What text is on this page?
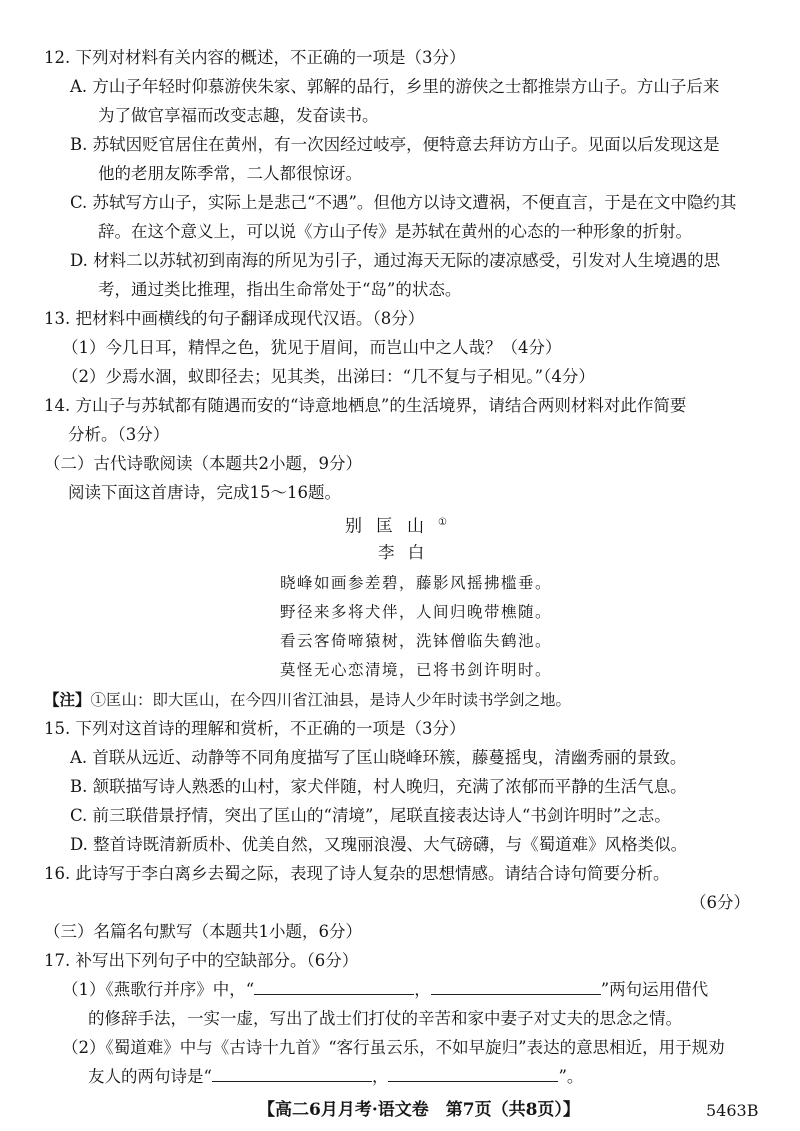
12. 下列对材料有关内容的概述，不正确的一项是（3分）
A. 方山子年轻时仰慕游侠朱家、郭解的品行，乡里的游侠之士都推崇方山子。方山子后来
为了做官享福而改变志趣，发奋读书。
B. 苏轼因贬官居住在黄州，有一次因经过岐亭，便特意去拜访方山子。见面以后发现这是
他的老朋友陈季常，二人都很惊讶。
C. 苏轼写方山子，实际上是悲己“不遇”。但他方以诗文遭祸，不便直言，于是在文中隐约其
辞。在这个意义上，可以说《方山子传》是苏轼在黄州的心态的一种形象的折射。
D. 材料二以苏轼初到南海的所见为引子，通过海天无际的凄凉感受，引发对人生境遇的思
考，通过类比推理，指出生命常处于“岛”的状态。
13. 把材料中画横线的句子翻译成现代汉语。（8分）
（1）今几日耳，精悍之色，犹见于眉间，而岂山中之人哉？（4分）
（2）少焉水涸，蚁即径去；见其类，出涕曰：“几不复与子相见。”（4分）
14. 方山子与苏轼都有随遇而安的“诗意地栖息”的生活境界，请结合两则材料对此作简要
分析。（3分）
（二）古代诗歌阅读（本题共2小题，9分）
阅读下面这首唐诗，完成15～16题。
别匡山①
李 白
晓峰如画参差碧，藤影风摇拂槛垂。
野径来多将犬伴，人间归晚带樵随。
看云客倚啼猿树，洗钵僧临失鹤池。
莫怪无心恋清境，已将书剑许明时。
【注】①匡山：即大匡山，在今四川省江油县，是诗人少年时读书学剑之地。
15. 下列对这首诗的理解和赏析，不正确的一项是（3分）
A. 首联从远近、动静等不同角度描写了匡山晓峰环簇，藤蔓摇曳，清幽秀丽的景致。
B. 颔联描写诗人熟悉的山村，家犬伴随，村人晚归，充满了浓郁而平静的生活气息。
C. 前三联借景抒情，突出了匡山的“清境”，尾联直接表达诗人“书剑许明时”之志。
D. 整首诗既清新质朴、优美自然，又瑰丽浪漫、大气磅礴，与《蜀道难》风格类似。
16. 此诗写于李白离乡去蜀之际，表现了诗人复杂的思想情感。请结合诗句简要分析。
（6分）
（三）名篇名句默写（本题共1小题，6分）
17. 补写出下列句子中的空缺部分。（6分）
（1）《燕歌行并序》中，“	，	”两句运用借代
的修辞手法，一实一虚，写出了战士们打仗的辛苦和家中妻子对丈夫的思念之情。
（2）《蜀道难》中与《古诗十九首》“客行虽云乐，不如早旋归”表达的意思相近，用于规劝
友人的两句诗是“	，	”。
【高二6月月考·语文卷　第7页（共8页）】	5463B
